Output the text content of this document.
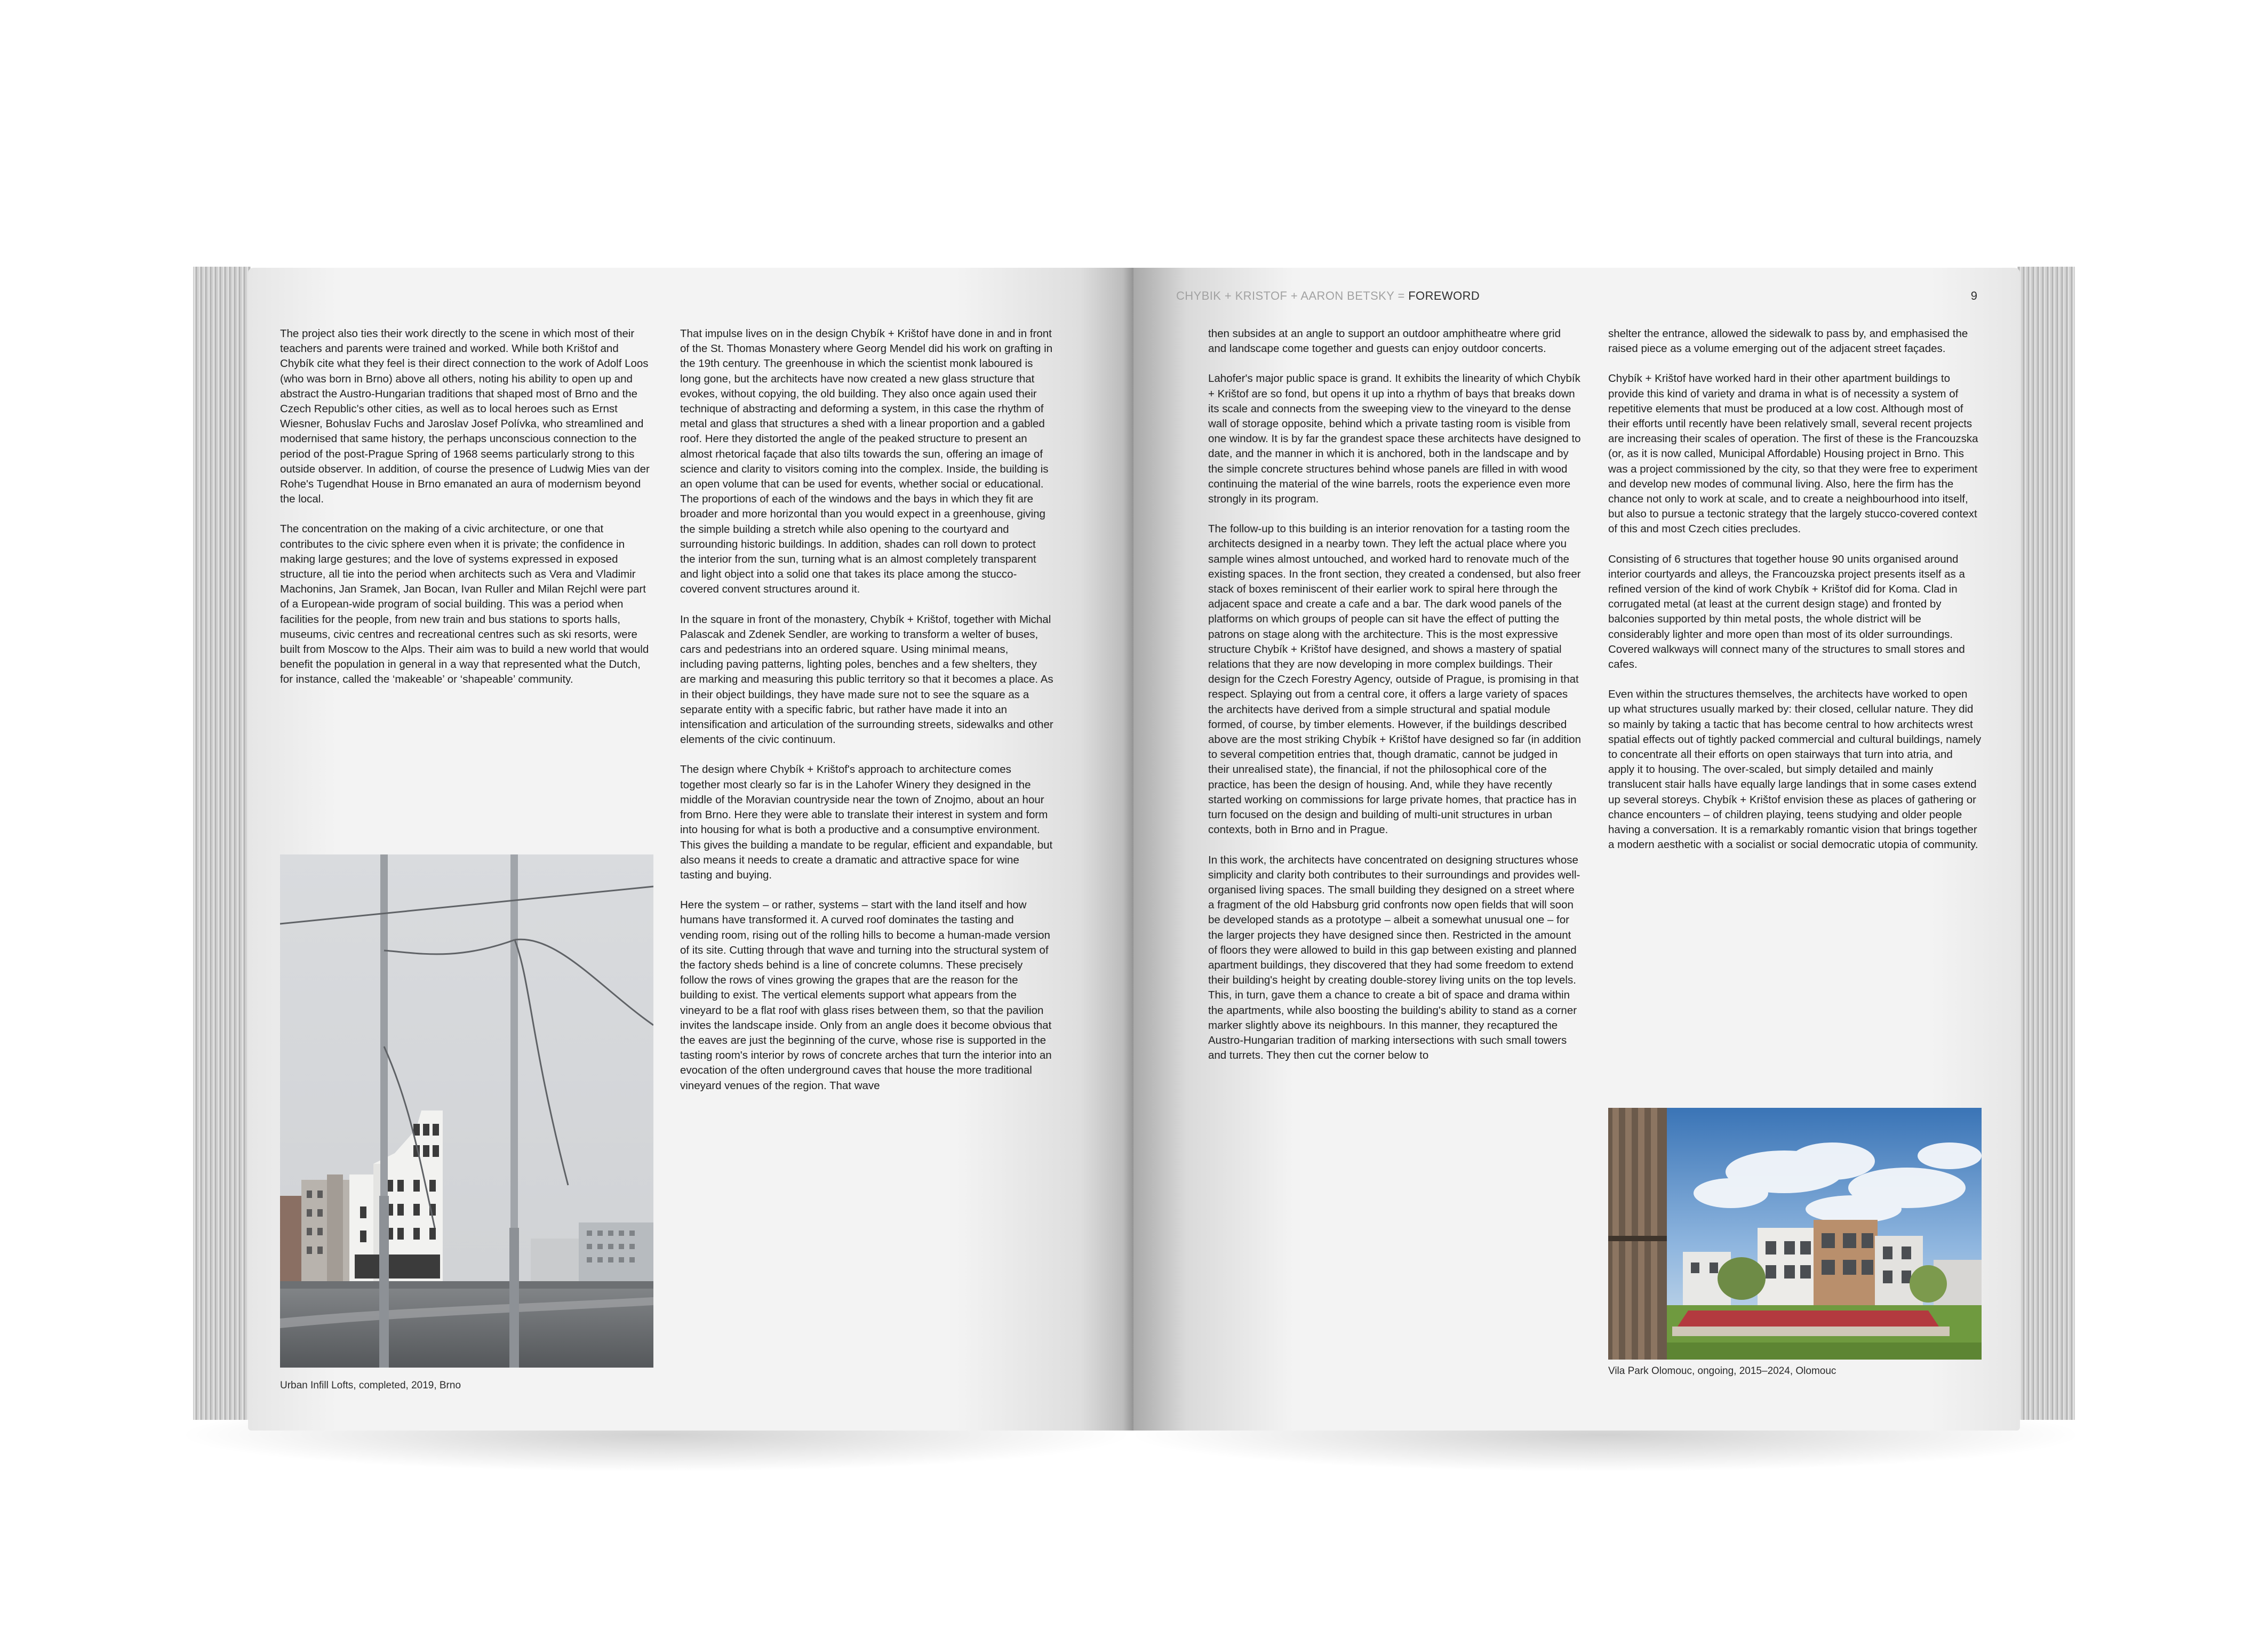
The project also ties their work directly to the scene in which most of their teachers and parents were trained and worked. While both Krištof and Chybík cite what they feel is their direct connection to the work of Adolf Loos (who was born in Brno) above all others, noting his ability to open up and abstract the Austro-Hungarian traditions that shaped most of Brno and the Czech Republic's other cities, as well as to local heroes such as Ernst Wiesner, Bohuslav Fuchs and Jaroslav Josef Polívka, who streamlined and modernised that same history, the perhaps unconscious connection to the period of the post-Prague Spring of 1968 seems particularly strong to this outside observer. In addition, of course the presence of Ludwig Mies van der Rohe's Tugendhat House in Brno emanated an aura of modernism beyond the local.

The concentration on the making of a civic architecture, or one that contributes to the civic sphere even when it is private; the confidence in making large gestures; and the love of systems expressed in exposed structure, all tie into the period when architects such as Vera and Vladimir Machonins, Jan Sramek, Jan Bocan, Ivan Ruller and Milan Rejchl were part of a European-wide program of social building. This was a period when facilities for the people, from new train and bus stations to sports halls, museums, civic centres and recreational centres such as ski resorts, were built from Moscow to the Alps. Their aim was to build a new world that would benefit the population in general in a way that represented what the Dutch, for instance, called the ‘makeable’ or ‘shapeable’ community.

Urban Infill Lofts, completed, 2019, Brno

That impulse lives on in the design Chybík + Krištof have done in and in front of the St. Thomas Monastery where Georg Mendel did his work on grafting in the 19th century. The greenhouse in which the scientist monk laboured is long gone, but the architects have now created a new glass structure that evokes, without copying, the old building. They also once again used their technique of abstracting and deforming a system, in this case the rhythm of metal and glass that structures a shed with a linear proportion and a gabled roof. Here they distorted the angle of the peaked structure to present an almost rhetorical façade that also tilts towards the sun, offering an image of science and clarity to visitors coming into the complex. Inside, the building is an open volume that can be used for events, whether social or educational. The proportions of each of the windows and the bays in which they fit are broader and more horizontal than you would expect in a greenhouse, giving the simple building a stretch while also opening to the courtyard and surrounding historic buildings. In addition, shades can roll down to protect the interior from the sun, turning what is an almost completely transparent and light object into a solid one that takes its place among the stucco-covered convent structures around it.

In the square in front of the monastery, Chybík + Krištof, together with Michal Palascak and Zdenek Sendler, are working to transform a welter of buses, cars and pedestrians into an ordered square. Using minimal means, including paving patterns, lighting poles, benches and a few shelters, they are marking and measuring this public territory so that it becomes a place. As in their object buildings, they have made sure not to see the square as a separate entity with a specific fabric, but rather have made it into an intensification and articulation of the surrounding streets, sidewalks and other elements of the civic continuum.

The design where Chybík + Krištof's approach to architecture comes together most clearly so far is in the Lahofer Winery they designed in the middle of the Moravian countryside near the town of Znojmo, about an hour from Brno. Here they were able to translate their interest in system and form into housing for what is both a productive and a consumptive environment. This gives the building a mandate to be regular, efficient and expandable, but also means it needs to create a dramatic and attractive space for wine tasting and buying.

Here the system – or rather, systems – start with the land itself and how humans have transformed it. A curved roof dominates the tasting and vending room, rising out of the rolling hills to become a human-made version of its site. Cutting through that wave and turning into the structural system of the factory sheds behind is a line of concrete columns. These precisely follow the rows of vines growing the grapes that are the reason for the building to exist. The vertical elements support what appears from the vineyard to be a flat roof with glass rises between them, so that the pavilion invites the landscape inside. Only from an angle does it become obvious that the eaves are just the beginning of the curve, whose rise is supported in the tasting room's interior by rows of concrete arches that turn the interior into an evocation of the often underground caves that house the more traditional vineyard venues of the region. That wave

CHYBIK + KRISTOF + AARON BETSKY = FOREWORD	9

then subsides at an angle to support an outdoor amphitheatre where grid and landscape come together and guests can enjoy outdoor concerts.

Lahofer's major public space is grand. It exhibits the linearity of which Chybík + Krištof are so fond, but opens it up into a rhythm of bays that breaks down its scale and connects from the sweeping view to the vineyard to the dense wall of storage opposite, behind which a private tasting room is visible from one window. It is by far the grandest space these architects have designed to date, and the manner in which it is anchored, both in the landscape and by the simple concrete structures behind whose panels are filled in with wood continuing the material of the wine barrels, roots the experience even more strongly in its program.

The follow-up to this building is an interior renovation for a tasting room the architects designed in a nearby town. They left the actual place where you sample wines almost untouched, and worked hard to renovate much of the existing spaces. In the front section, they created a condensed, but also freer stack of boxes reminiscent of their earlier work to spiral here through the adjacent space and create a cafe and a bar. The dark wood panels of the platforms on which groups of people can sit have the effect of putting the patrons on stage along with the architecture. This is the most expressive structure Chybík + Krištof have designed, and shows a mastery of spatial relations that they are now developing in more complex buildings. Their design for the Czech Forestry Agency, outside of Prague, is promising in that respect. Splaying out from a central core, it offers a large variety of spaces the architects have derived from a simple structural and spatial module formed, of course, by timber elements. However, if the buildings described above are the most striking Chybík + Krištof have designed so far (in addition to several competition entries that, though dramatic, cannot be judged in their unrealised state), the financial, if not the philosophical core of the practice, has been the design of housing. And, while they have recently started working on commissions for large private homes, that practice has in turn focused on the design and building of multi-unit structures in urban contexts, both in Brno and in Prague.

In this work, the architects have concentrated on designing structures whose simplicity and clarity both contributes to their surroundings and provides well-organised living spaces. The small building they designed on a street where a fragment of the old Habsburg grid confronts now open fields that will soon be developed stands as a prototype – albeit a somewhat unusual one – for the larger projects they have designed since then. Restricted in the amount of floors they were allowed to build in this gap between existing and planned apartment buildings, they discovered that they had some freedom to extend their building's height by creating double-storey living units on the top levels. This, in turn, gave them a chance to create a bit of space and drama within the apartments, while also boosting the building's ability to stand as a corner marker slightly above its neighbours. In this manner, they recaptured the Austro-Hungarian tradition of marking intersections with such small towers and turrets. They then cut the corner below to

shelter the entrance, allowed the sidewalk to pass by, and emphasised the raised piece as a volume emerging out of the adjacent street façades.

Chybík + Krištof have worked hard in their other apartment buildings to provide this kind of variety and drama in what is of necessity a system of repetitive elements that must be produced at a low cost. Although most of their efforts until recently have been relatively small, several recent projects are increasing their scales of operation. The first of these is the Francouzska (or, as it is now called, Municipal Affordable) Housing project in Brno. This was a project commissioned by the city, so that they were free to experiment and develop new modes of communal living. Also, here the firm has the chance not only to work at scale, and to create a neighbourhood into itself, but also to pursue a tectonic strategy that the largely stucco-covered context of this and most Czech cities precludes.

Consisting of 6 structures that together house 90 units organised around interior courtyards and alleys, the Francouzska project presents itself as a refined version of the kind of work Chybík + Krištof did for Koma. Clad in corrugated metal (at least at the current design stage) and fronted by balconies supported by thin metal posts, the whole district will be considerably lighter and more open than most of its older surroundings. Covered walkways will connect many of the structures to small stores and cafes.

Even within the structures themselves, the architects have worked to open up what structures usually marked by: their closed, cellular nature. They did so mainly by taking a tactic that has become central to how architects wrest spatial effects out of tightly packed commercial and cultural buildings, namely to concentrate all their efforts on open stairways that turn into atria, and apply it to housing. The over-scaled, but simply detailed and mainly translucent stair halls have equally large landings that in some cases extend up several storeys. Chybík + Krištof envision these as places of gathering or chance encounters – of children playing, teens studying and older people having a conversation. It is a remarkably romantic vision that brings together a modern aesthetic with a socialist or social democratic utopia of community.

Vila Park Olomouc, ongoing, 2015–2024, Olomouc
